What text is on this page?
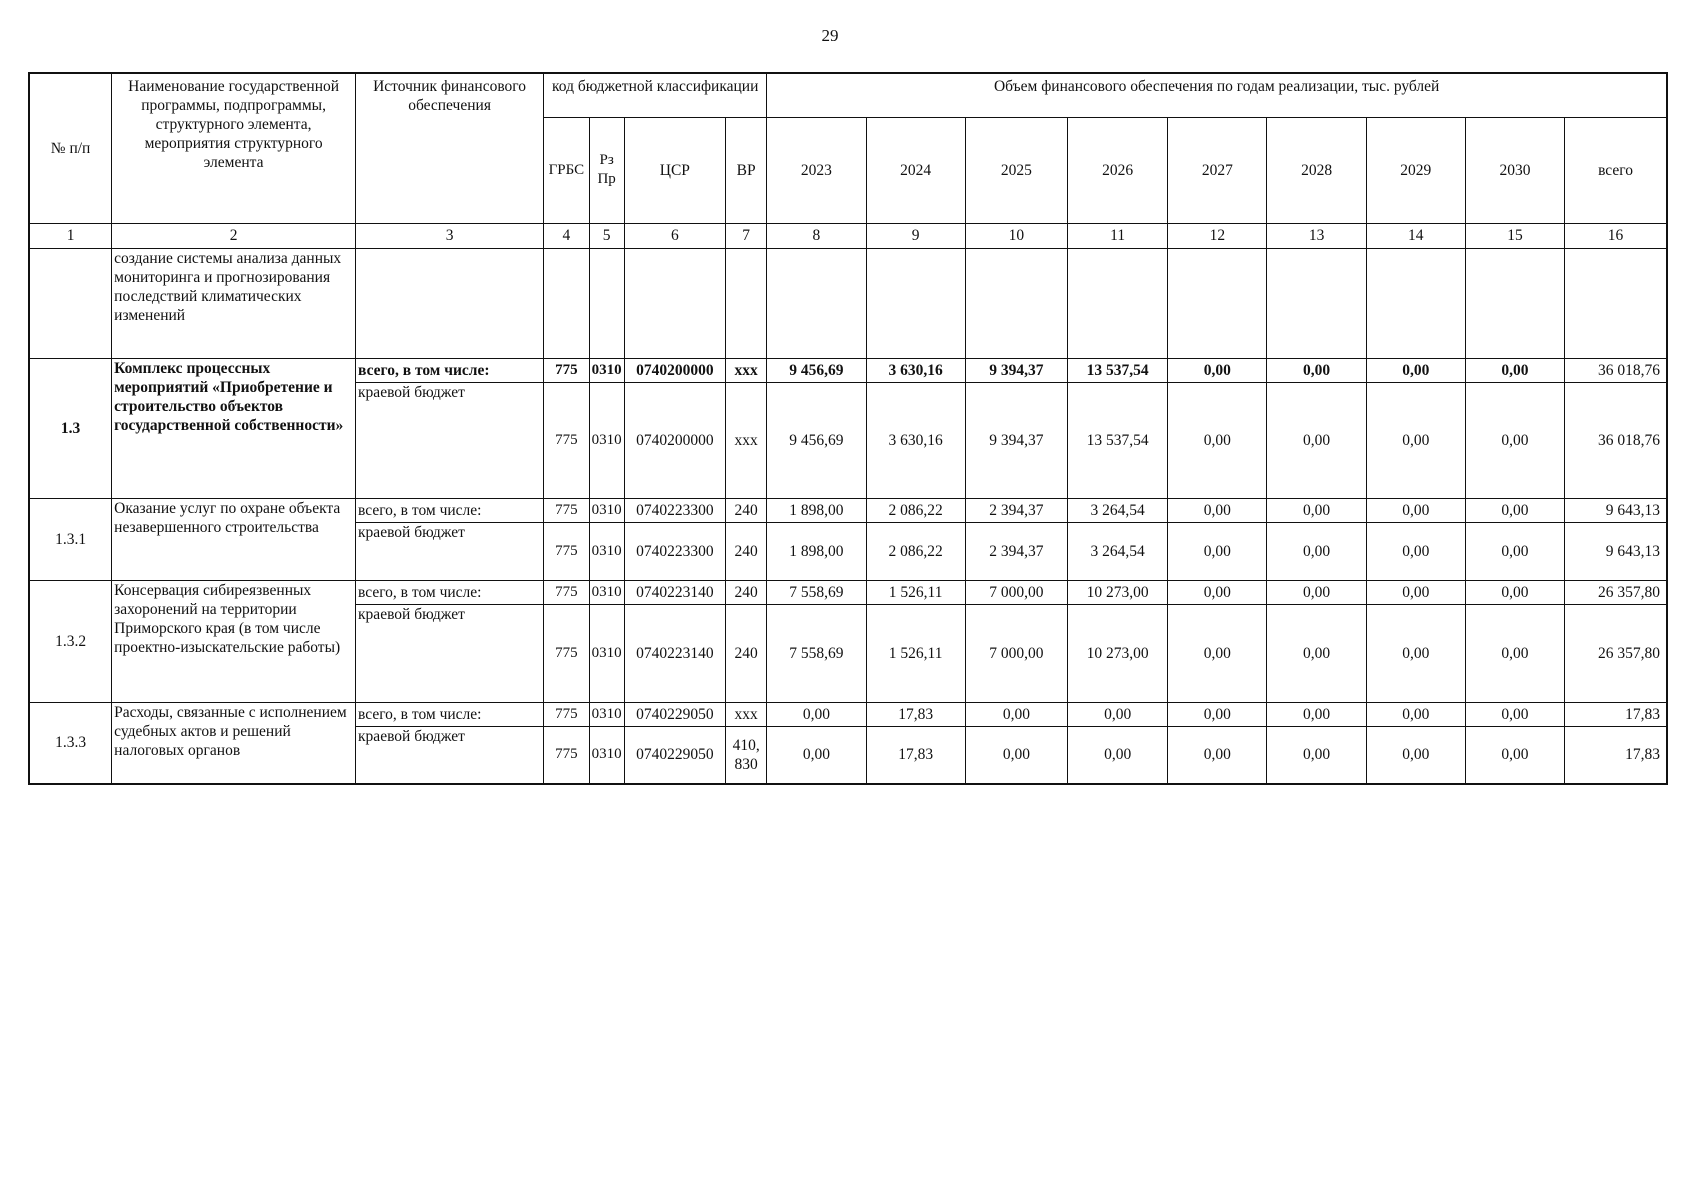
29
№ п/п	Наименование государственной программы, подпрограммы, структурного элемента, мероприятия структурного элемента	Источник финансового обеспечения	код бюджетной классификации				Объем финансового обеспечения по годам реализации, тыс. рублей								
			ГРБС	Рз Пр	ЦСР	ВР	2023	2024	2025	2026	2027	2028	2029	2030	всего
1	2	3	4	5	6	7	8	9	10	11	12	13	14	15	16
	создание системы анализа данных мониторинга и прогнозирования последствий климатических изменений														
1.3	Комплекс процессных мероприятий «Приобретение и строительство объектов государственной собственности»	всего, в том числе:	775	0310	0740200000	xxx	9 456,69	3 630,16	9 394,37	13 537,54	0,00	0,00	0,00	0,00	36 018,76
		краевой бюджет	775	0310	0740200000	xxx	9 456,69	3 630,16	9 394,37	13 537,54	0,00	0,00	0,00	0,00	36 018,76
1.3.1	Оказание услуг по охране объекта незавершенного строительства	всего, в том числе:	775	0310	0740223300	240	1 898,00	2 086,22	2 394,37	3 264,54	0,00	0,00	0,00	0,00	9 643,13
		краевой бюджет	775	0310	0740223300	240	1 898,00	2 086,22	2 394,37	3 264,54	0,00	0,00	0,00	0,00	9 643,13
1.3.2	Консервация сибиреязвенных захоронений на территории Приморского края (в том числе проектно-изыскательские работы)	всего, в том числе:	775	0310	0740223140	240	7 558,69	1 526,11	7 000,00	10 273,00	0,00	0,00	0,00	0,00	26 357,80
		краевой бюджет	775	0310	0740223140	240	7 558,69	1 526,11	7 000,00	10 273,00	0,00	0,00	0,00	0,00	26 357,80
1.3.3	Расходы, связанные с исполнением судебных актов и решений налоговых органов	всего, в том числе:	775	0310	0740229050	xxx	0,00	17,83	0,00	0,00	0,00	0,00	0,00	0,00	17,83
		краевой бюджет	775	0310	0740229050	410, 830	0,00	17,83	0,00	0,00	0,00	0,00	0,00	0,00	17,83
